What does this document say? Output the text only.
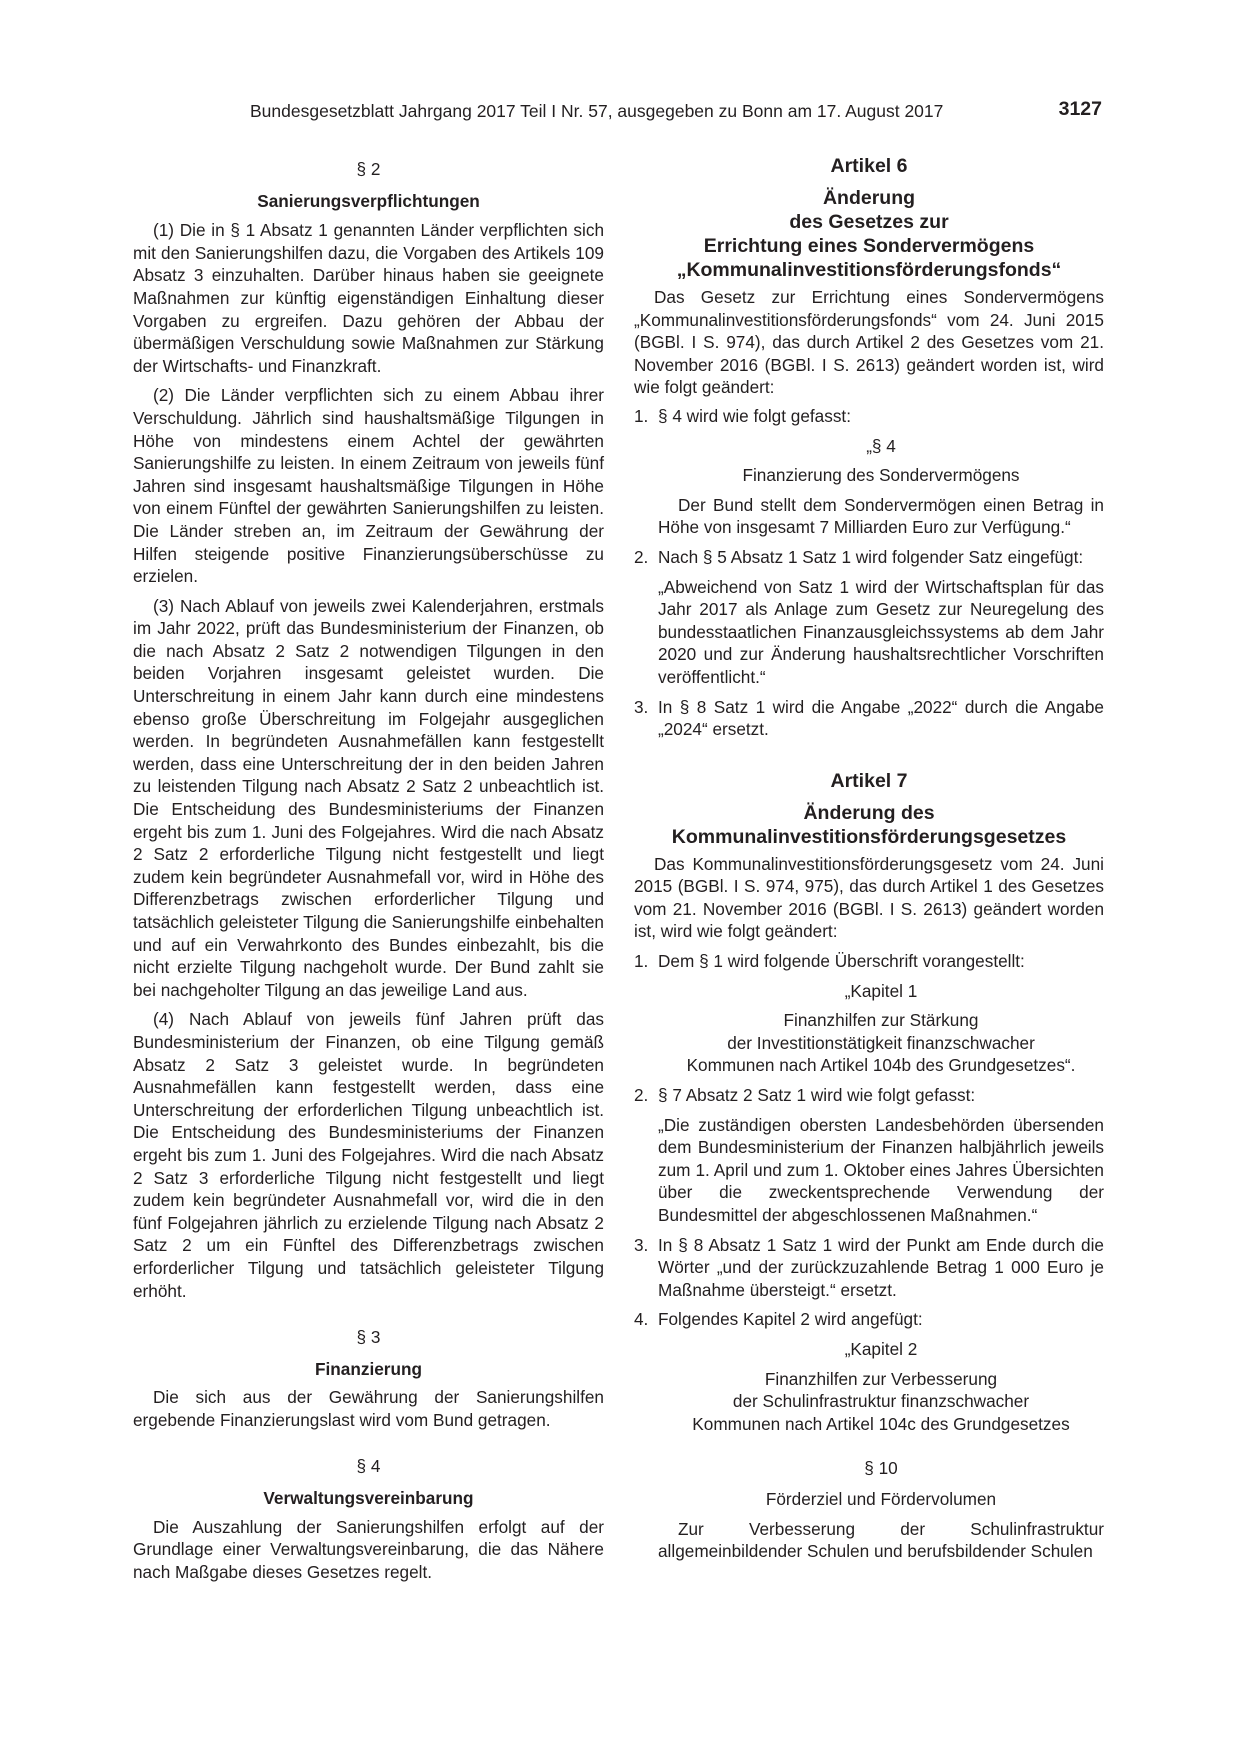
Bundesgesetzblatt Jahrgang 2017 Teil I Nr. 57, ausgegeben zu Bonn am 17. August 2017	3127

§ 2

Sanierungsverpflichtungen

(1) Die in § 1 Absatz 1 genannten Länder verpflichten sich mit den Sanierungshilfen dazu, die Vorgaben des Artikels 109 Absatz 3 einzuhalten. Darüber hinaus haben sie geeignete Maßnahmen zur künftig eigenständigen Einhaltung dieser Vorgaben zu ergreifen. Dazu gehören der Abbau der übermäßigen Verschuldung sowie Maßnahmen zur Stärkung der Wirtschafts- und Finanzkraft.

(2) Die Länder verpflichten sich zu einem Abbau ihrer Verschuldung. Jährlich sind haushaltsmäßige Tilgungen in Höhe von mindestens einem Achtel der gewährten Sanierungshilfe zu leisten. In einem Zeitraum von jeweils fünf Jahren sind insgesamt haushaltsmäßige Tilgungen in Höhe von einem Fünftel der gewährten Sanierungshilfen zu leisten. Die Länder streben an, im Zeitraum der Gewährung der Hilfen steigende positive Finanzierungsüberschüsse zu erzielen.

(3) Nach Ablauf von jeweils zwei Kalenderjahren, erstmals im Jahr 2022, prüft das Bundesministerium der Finanzen, ob die nach Absatz 2 Satz 2 notwendigen Tilgungen in den beiden Vorjahren insgesamt geleistet wurden. Die Unterschreitung in einem Jahr kann durch eine mindestens ebenso große Überschreitung im Folgejahr ausgeglichen werden. In begründeten Ausnahmefällen kann festgestellt werden, dass eine Unterschreitung der in den beiden Jahren zu leistenden Tilgung nach Absatz 2 Satz 2 unbeachtlich ist. Die Entscheidung des Bundesministeriums der Finanzen ergeht bis zum 1. Juni des Folgejahres. Wird die nach Absatz 2 Satz 2 erforderliche Tilgung nicht festgestellt und liegt zudem kein begründeter Ausnahmefall vor, wird in Höhe des Differenzbetrags zwischen erforderlicher Tilgung und tatsächlich geleisteter Tilgung die Sanierungshilfe einbehalten und auf ein Verwahrkonto des Bundes einbezahlt, bis die nicht erzielte Tilgung nachgeholt wurde. Der Bund zahlt sie bei nachgeholter Tilgung an das jeweilige Land aus.

(4) Nach Ablauf von jeweils fünf Jahren prüft das Bundesministerium der Finanzen, ob eine Tilgung gemäß Absatz 2 Satz 3 geleistet wurde. In begründeten Ausnahmefällen kann festgestellt werden, dass eine Unterschreitung der erforderlichen Tilgung unbeachtlich ist. Die Entscheidung des Bundesministeriums der Finanzen ergeht bis zum 1. Juni des Folgejahres. Wird die nach Absatz 2 Satz 3 erforderliche Tilgung nicht festgestellt und liegt zudem kein begründeter Ausnahmefall vor, wird die in den fünf Folgejahren jährlich zu erzielende Tilgung nach Absatz 2 Satz 2 um ein Fünftel des Differenzbetrags zwischen erforderlicher Tilgung und tatsächlich geleisteter Tilgung erhöht.

§ 3

Finanzierung

Die sich aus der Gewährung der Sanierungshilfen ergebende Finanzierungslast wird vom Bund getragen.

§ 4

Verwaltungsvereinbarung

Die Auszahlung der Sanierungshilfen erfolgt auf der Grundlage einer Verwaltungsvereinbarung, die das Nähere nach Maßgabe dieses Gesetzes regelt.

Artikel 6

Änderung

des Gesetzes zur

Errichtung eines Sondervermögens

„Kommunalinvestitionsförderungsfonds“

Das Gesetz zur Errichtung eines Sondervermögens „Kommunalinvestitionsförderungsfonds“ vom 24. Juni 2015 (BGBl. I S. 974), das durch Artikel 2 des Gesetzes vom 21. November 2016 (BGBl. I S. 2613) geändert worden ist, wird wie folgt geändert:

1. § 4 wird wie folgt gefasst:

„§ 4

Finanzierung des Sondervermögens

Der Bund stellt dem Sondervermögen einen Betrag in Höhe von insgesamt 7 Milliarden Euro zur Verfügung.“

2. Nach § 5 Absatz 1 Satz 1 wird folgender Satz eingefügt:

„Abweichend von Satz 1 wird der Wirtschaftsplan für das Jahr 2017 als Anlage zum Gesetz zur Neuregelung des bundesstaatlichen Finanzausgleichssystems ab dem Jahr 2020 und zur Änderung haushaltsrechtlicher Vorschriften veröffentlicht.“

3. In § 8 Satz 1 wird die Angabe „2022“ durch die Angabe „2024“ ersetzt.

Artikel 7

Änderung des

Kommunalinvestitionsförderungsgesetzes

Das Kommunalinvestitionsförderungsgesetz vom 24. Juni 2015 (BGBl. I S. 974, 975), das durch Artikel 1 des Gesetzes vom 21. November 2016 (BGBl. I S. 2613) geändert worden ist, wird wie folgt geändert:

1. Dem § 1 wird folgende Überschrift vorangestellt:

„Kapitel 1

Finanzhilfen zur Stärkung

der Investitionstätigkeit finanzschwacher

Kommunen nach Artikel 104b des Grundgesetzes“.

2. § 7 Absatz 2 Satz 1 wird wie folgt gefasst:

„Die zuständigen obersten Landesbehörden übersenden dem Bundesministerium der Finanzen halbjährlich jeweils zum 1. April und zum 1. Oktober eines Jahres Übersichten über die zweckentsprechende Verwendung der Bundesmittel der abgeschlossenen Maßnahmen.“

3. In § 8 Absatz 1 Satz 1 wird der Punkt am Ende durch die Wörter „und der zurückzuzahlende Betrag 1 000 Euro je Maßnahme übersteigt.“ ersetzt.
4. Folgendes Kapitel 2 wird angefügt:

„Kapitel 2

Finanzhilfen zur Verbesserung

der Schulinfrastruktur finanzschwacher

Kommunen nach Artikel 104c des Grundgesetzes

§ 10

Förderziel und Fördervolumen

Zur Verbesserung der Schulinfrastruktur allgemeinbildender Schulen und berufsbildender Schulen
